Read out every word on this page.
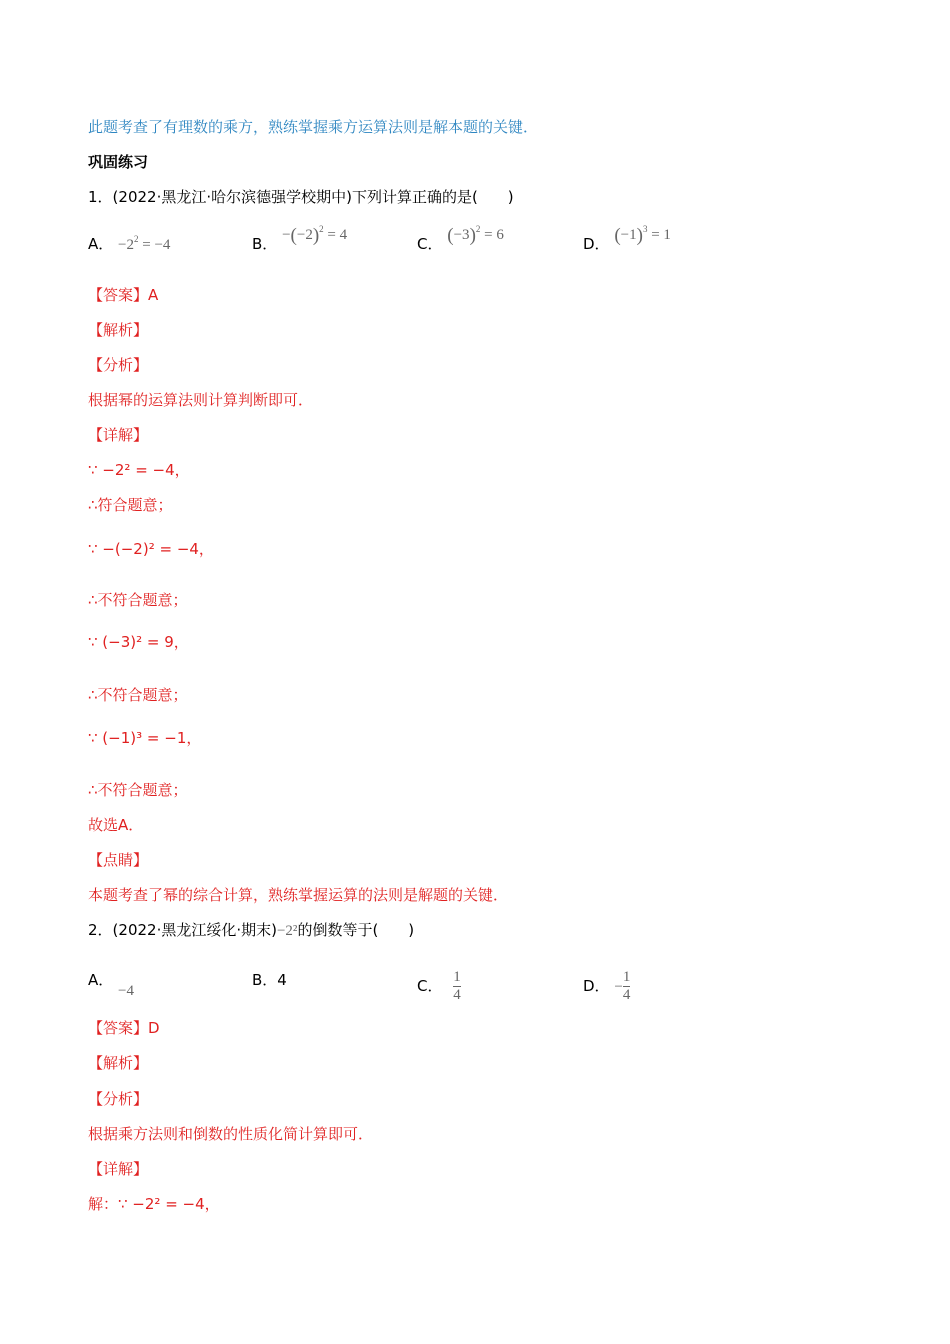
此题考查了有理数的乘方，熟练掌握乘方运算法则是解本题的关键．
巩固练习
1．(2022·黑龙江·哈尔滨德强学校期中)下列计算正确的是(　　)
A． $-2^2 = -4$	B． $-(-2)^2 = 4$	C． $(-3)^2 = 6$	D． $(-1)^3 = 1$
【答案】A
【解析】
【分析】
根据幂的运算法则计算判断即可．
【详解】
∵ −2² = −4，
∴符合题意；
∵ −(−2)² = −4，
∴不符合题意；
∵ (−3)² = 9，
∴不符合题意；
∵ (−1)³ = −1，
∴不符合题意；
故选A．
【点睛】
本题考查了幂的综合计算，熟练掌握运算的法则是解题的关键．
2．(2022·黑龙江绥化·期末)−2²的倒数等于(　　)
A． −4
B．4	C． $\frac{1}{4}$	D． − $\frac{1}{4}$
【答案】D
【解析】
【分析】
根据乘方法则和倒数的性质化简计算即可．
【详解】
解：∵ −2² = −4，
